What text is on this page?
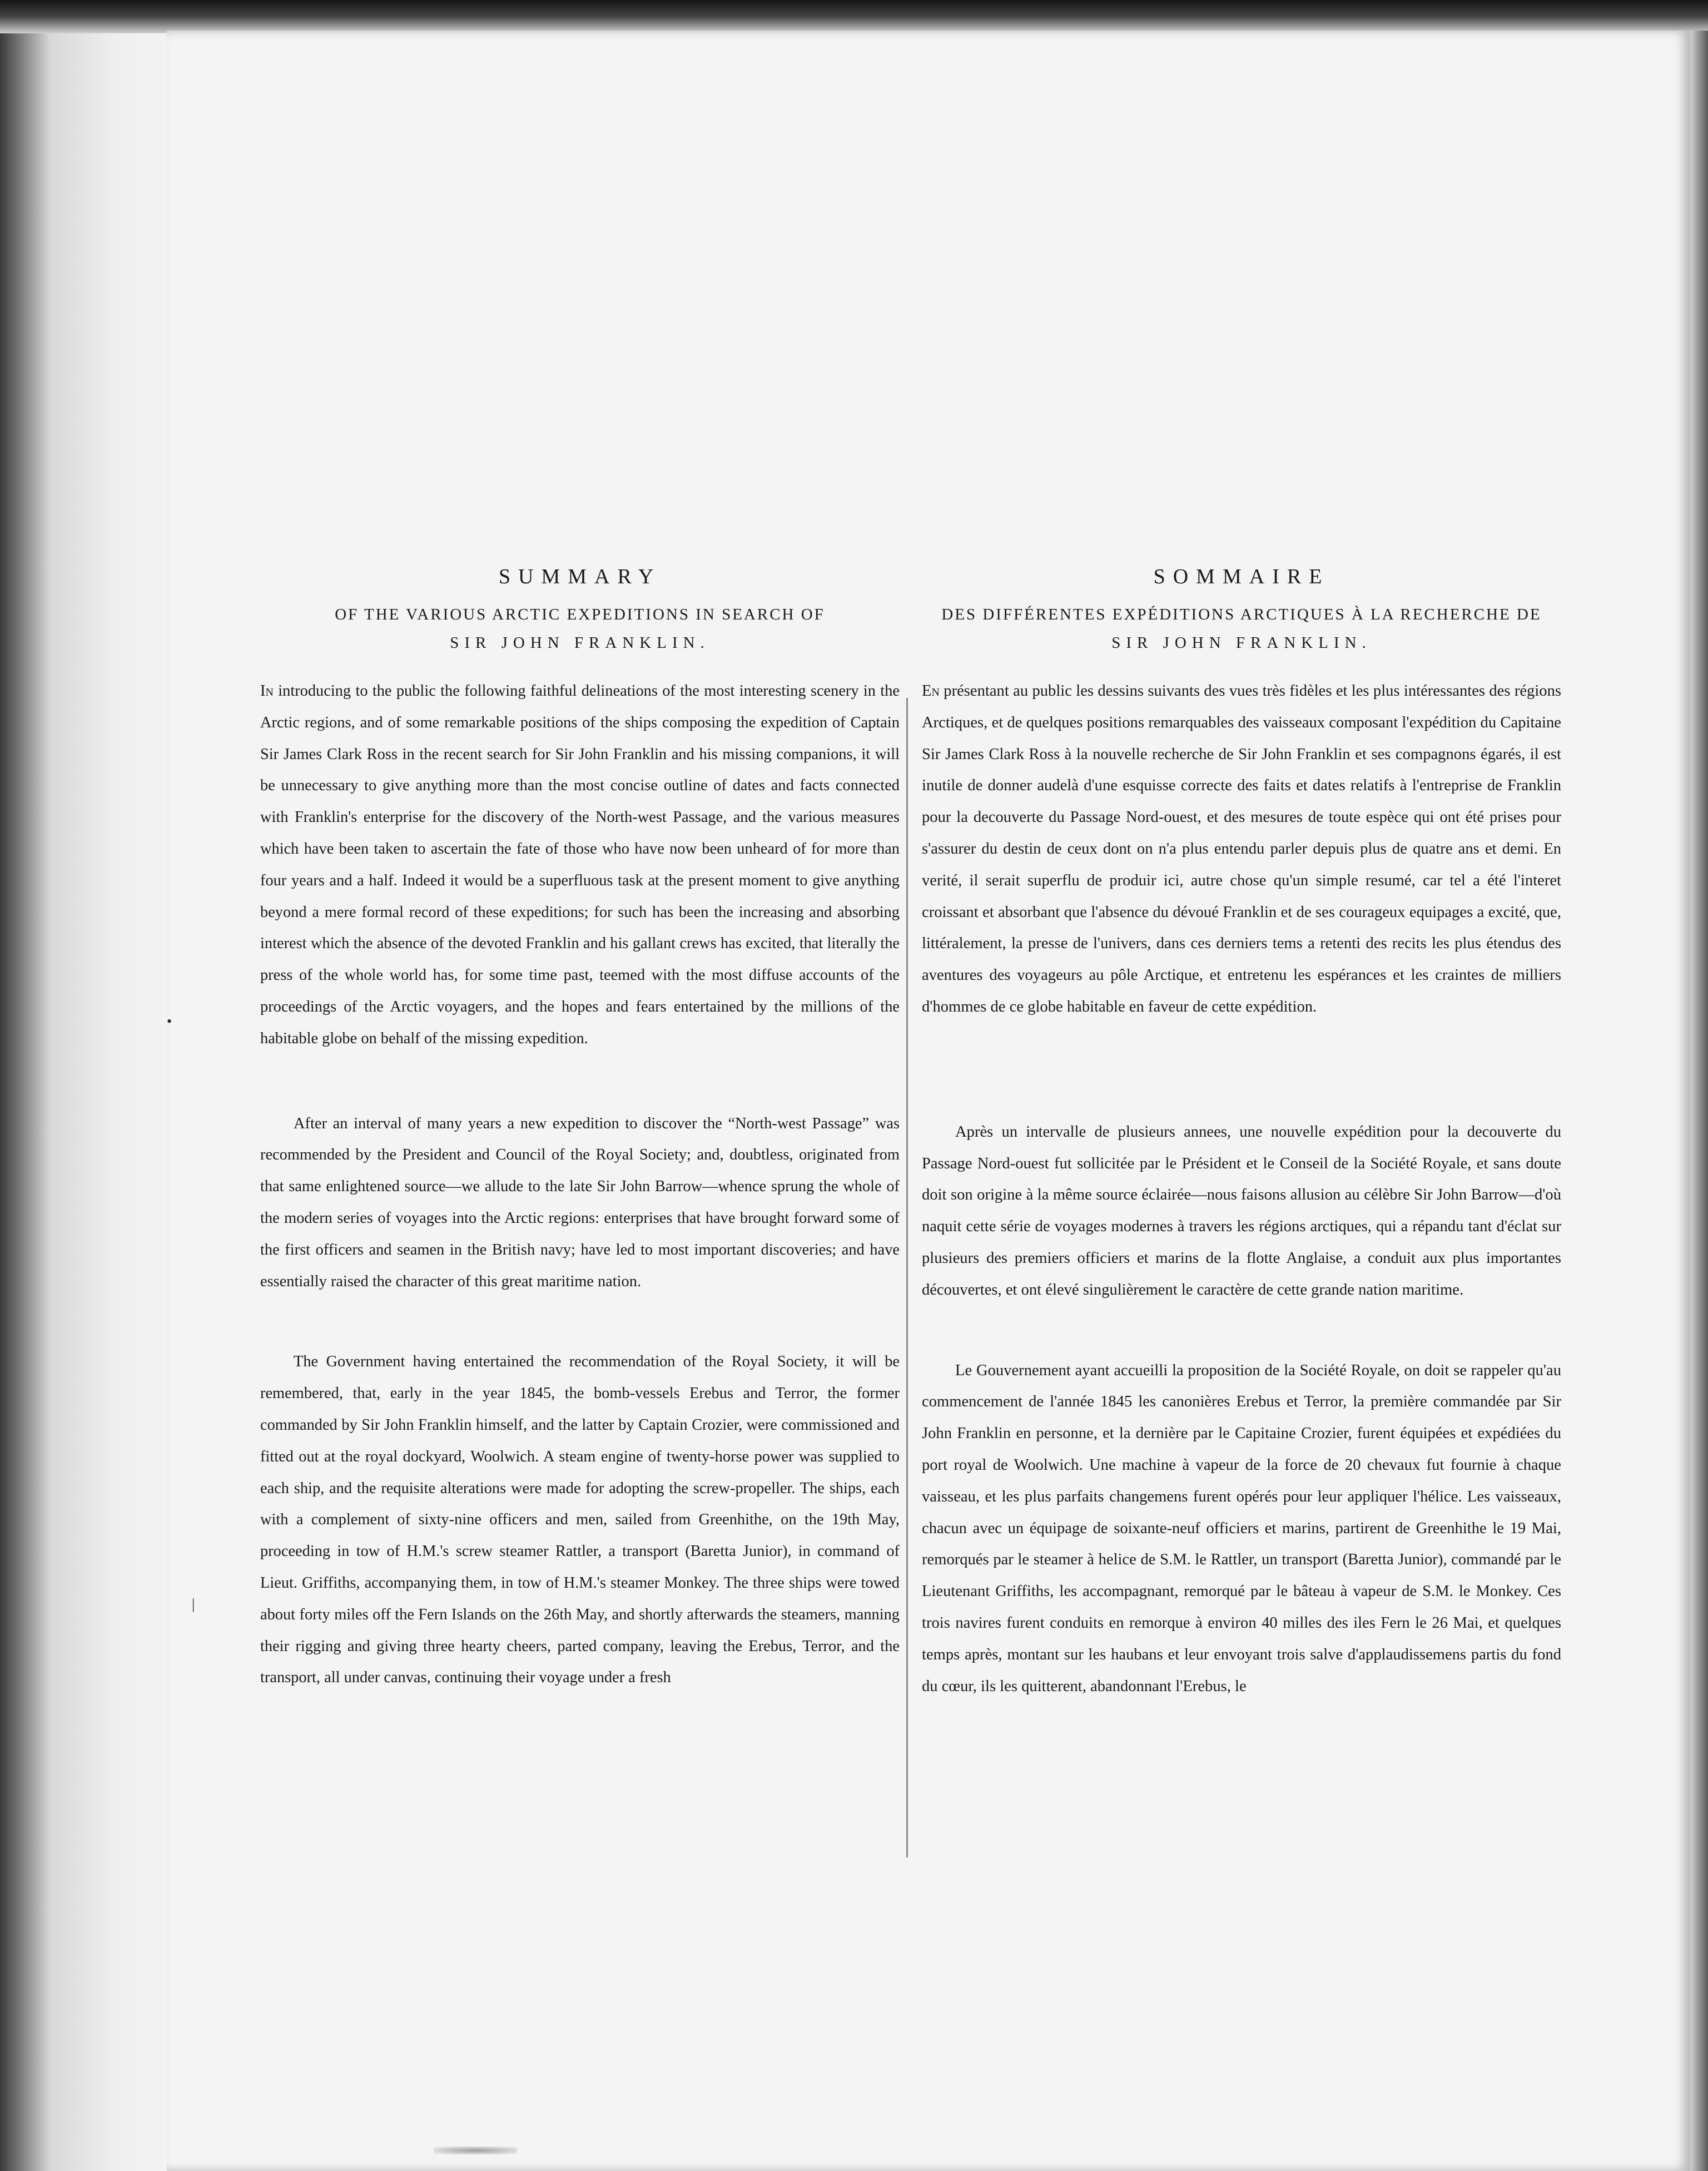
•
|
SUMMARY
OF THE VARIOUS ARCTIC EXPEDITIONS IN SEARCH OF
SIR JOHN FRANKLIN.

In introducing to the public the following faithful delineations of the most interesting scenery in the Arctic regions, and of some remarkable positions of the ships composing the expedition of Captain Sir James Clark Ross in the recent search for Sir John Franklin and his missing companions, it will be unnecessary to give anything more than the most concise outline of dates and facts connected with Franklin's enterprise for the discovery of the North-west Passage, and the various measures which have been taken to ascertain the fate of those who have now been unheard of for more than four years and a half. Indeed it would be a superfluous task at the present moment to give anything beyond a mere formal record of these expeditions; for such has been the increasing and absorbing interest which the absence of the devoted Franklin and his gallant crews has excited, that literally the press of the whole world has, for some time past, teemed with the most diffuse accounts of the proceedings of the Arctic voyagers, and the hopes and fears entertained by the millions of the habitable globe on behalf of the missing expedition.

After an interval of many years a new expedition to discover the “North-west Passage” was recommended by the President and Council of the Royal Society; and, doubtless, originated from that same enlightened source—we allude to the late Sir John Barrow—whence sprung the whole of the modern series of voyages into the Arctic regions: enterprises that have brought forward some of the first officers and seamen in the British navy; have led to most important discoveries; and have essentially raised the character of this great maritime nation.

The Government having entertained the recommendation of the Royal Society, it will be remembered, that, early in the year 1845, the bomb-vessels Erebus and Terror, the former commanded by Sir John Franklin himself, and the latter by Captain Crozier, were commissioned and fitted out at the royal dockyard, Woolwich. A steam engine of twenty-horse power was supplied to each ship, and the requisite alterations were made for adopting the screw-propeller. The ships, each with a complement of sixty-nine officers and men, sailed from Greenhithe, on the 19th May, proceeding in tow of H.M.'s screw steamer Rattler, a transport (Baretta Junior), in command of Lieut. Griffiths, accompanying them, in tow of H.M.'s steamer Monkey. The three ships were towed about forty miles off the Fern Islands on the 26th May, and shortly afterwards the steamers, manning their rigging and giving three hearty cheers, parted company, leaving the Erebus, Terror, and the transport, all under canvas, continuing their voyage under a fresh

SOMMAIRE
DES DIFFÉRENTES EXPÉDITIONS ARCTIQUES À LA RECHERCHE DE
SIR JOHN FRANKLIN.

En présentant au public les dessins suivants des vues très fidèles et les plus intéressantes des régions Arctiques, et de quelques positions remarquables des vaisseaux composant l'expédition du Capitaine Sir James Clark Ross à la nouvelle recherche de Sir John Franklin et ses compagnons égarés, il est inutile de donner audelà d'une esquisse correcte des faits et dates relatifs à l'entreprise de Franklin pour la decouverte du Passage Nord-ouest, et des mesures de toute espèce qui ont été prises pour s'assurer du destin de ceux dont on n'a plus entendu parler depuis plus de quatre ans et demi. En verité, il serait superflu de produir ici, autre chose qu'un simple resumé, car tel a été l'interet croissant et absorbant que l'absence du dévoué Franklin et de ses courageux equipages a excité, que, littéralement, la presse de l'univers, dans ces derniers tems a retenti des recits les plus étendus des aventures des voyageurs au pôle Arctique, et entretenu les espérances et les craintes de milliers d'hommes de ce globe habitable en faveur de cette expédition.

Après un intervalle de plusieurs annees, une nouvelle expédition pour la decouverte du Passage Nord-ouest fut sollicitée par le Président et le Conseil de la Société Royale, et sans doute doit son origine à la même source éclairée—nous faisons allusion au célèbre Sir John Barrow—d'où naquit cette série de voyages modernes à travers les régions arctiques, qui a répandu tant d'éclat sur plusieurs des premiers officiers et marins de la flotte Anglaise, a conduit aux plus importantes découvertes, et ont élevé singulièrement le caractère de cette grande nation maritime.

Le Gouvernement ayant accueilli la proposition de la Société Royale, on doit se rappeler qu'au commencement de l'année 1845 les canonières Erebus et Terror, la première commandée par Sir John Franklin en personne, et la dernière par le Capitaine Crozier, furent équipées et expédiées du port royal de Woolwich. Une machine à vapeur de la force de 20 chevaux fut fournie à chaque vaisseau, et les plus parfaits changemens furent opérés pour leur appliquer l'hélice. Les vaisseaux, chacun avec un équipage de soixante-neuf officiers et marins, partirent de Greenhithe le 19 Mai, remorqués par le steamer à helice de S.M. le Rattler, un transport (Baretta Junior), commandé par le Lieutenant Griffiths, les accompagnant, remorqué par le bâteau à vapeur de S.M. le Monkey. Ces trois navires furent conduits en remorque à environ 40 milles des iles Fern le 26 Mai, et quelques temps après, montant sur les haubans et leur envoyant trois salve d'applaudissemens partis du fond du cœur, ils les quitterent, abandonnant l'Erebus, le
